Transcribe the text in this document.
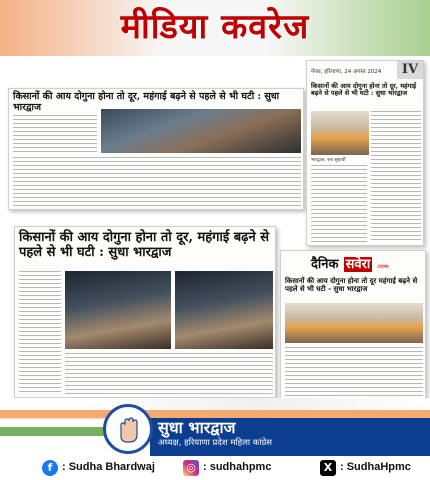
मीडिया कवरेज
किसानों की आय दोगुना होना तो दूर, महंगाई बढ़ने से पहले से भी घटी : सुधा भारद्वाज
नेपथ, हरियाणा, 24 अगस्त 2024	IV
किसानों की आय दोगुना होना तो दूर, महंगाई बढ़ने से पहले से भी घटी : सुधा भारद्वाज
भारद्वाज, जय सुधार्थी
किसानों की आय दोगुना होना तो दूर, महंगाई बढ़ने से पहले से भी घटी : सुधा भारद्वाज
दैनिक सवेरा टाइम्स
किसानों की आय दोगुना होना तो दूर महंगाई बढ़ने से पहले से भी घटी - सुधा भारद्वाज
सुधा भारद्वाज
अध्यक्ष, हरियाणा प्रदेश महिला कांग्रेस
f : Sudha Bhardwaj	◎ : sudhahpmc	X : SudhaHpmc
